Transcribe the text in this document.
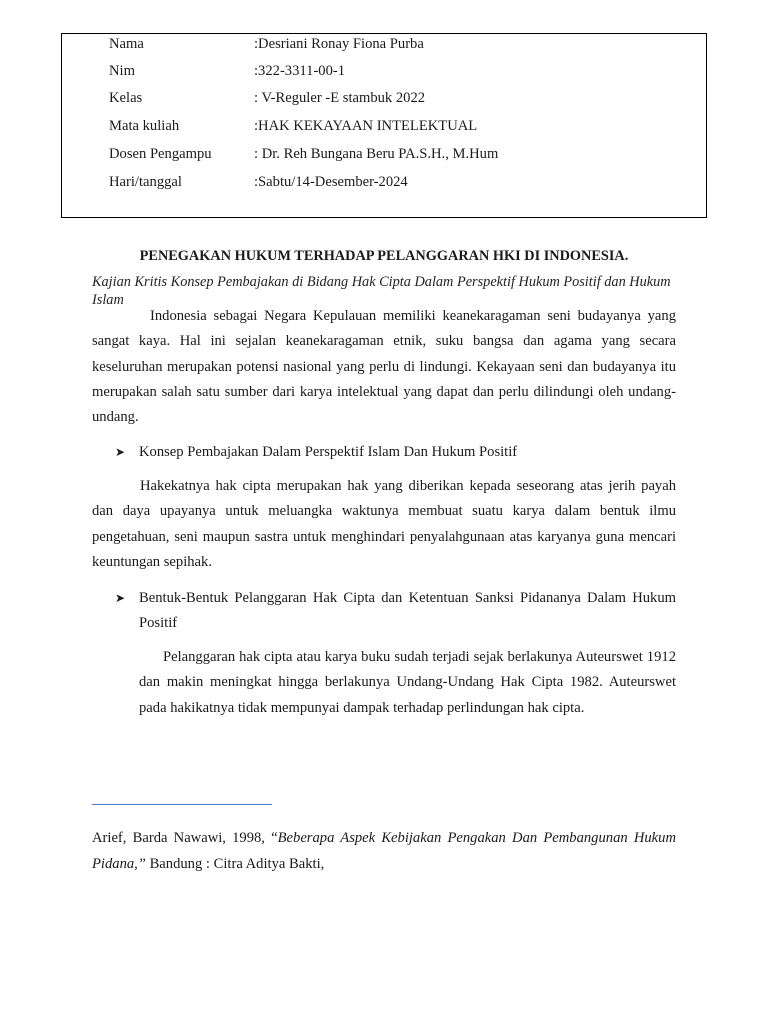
Nama	:Desriani Ronay Fiona Purba
Nim	:322-3311-00-1
Kelas	: V-Reguler -E stambuk 2022
Mata kuliah	:HAK KEKAYAAN INTELEKTUAL
Dosen Pengampu	: Dr. Reh Bungana Beru PA.S.H., M.Hum
Hari/tanggal	:Sabtu/14-Desember-2024
PENEGAKAN HUKUM TERHADAP PELANGGARAN HKI DI INDONESIA.
Kajian Kritis Konsep Pembajakan di Bidang Hak Cipta Dalam Perspektif Hukum Positif dan Hukum Islam
Indonesia sebagai Negara Kepulauan memiliki keanekaragaman seni budayanya yang sangat kaya. Hal ini sejalan keanekaragaman etnik, suku bangsa dan agama yang secara keseluruhan merupakan potensi nasional yang perlu di lindungi. Kekayaan seni dan budayanya itu merupakan salah satu sumber dari karya intelektual yang dapat dan perlu dilindungi oleh undang- undang.
➤ Konsep Pembajakan Dalam Perspektif Islam Dan Hukum Positif
Hakekatnya hak cipta merupakan hak yang diberikan kepada seseorang atas jerih payah dan daya upayanya untuk meluangka waktunya membuat suatu karya dalam bentuk ilmu pengetahuan, seni maupun sastra untuk menghindari penyalahgunaan atas karyanya guna mencari keuntungan sepihak.
➤ Bentuk-Bentuk Pelanggaran Hak Cipta dan Ketentuan Sanksi Pidananya Dalam Hukum Positif
Pelanggaran hak cipta atau karya buku sudah terjadi sejak berlakunya Auteurswet 1912 dan makin meningkat hingga berlakunya Undang-Undang Hak Cipta 1982. Auteurswet pada hakikatnya tidak mempunyai dampak terhadap perlindungan hak cipta.
Arief, Barda Nawawi, 1998, “Beberapa Aspek Kebijakan Pengakan Dan Pembangunan Hukum Pidana,” Bandung : Citra Aditya Bakti,
